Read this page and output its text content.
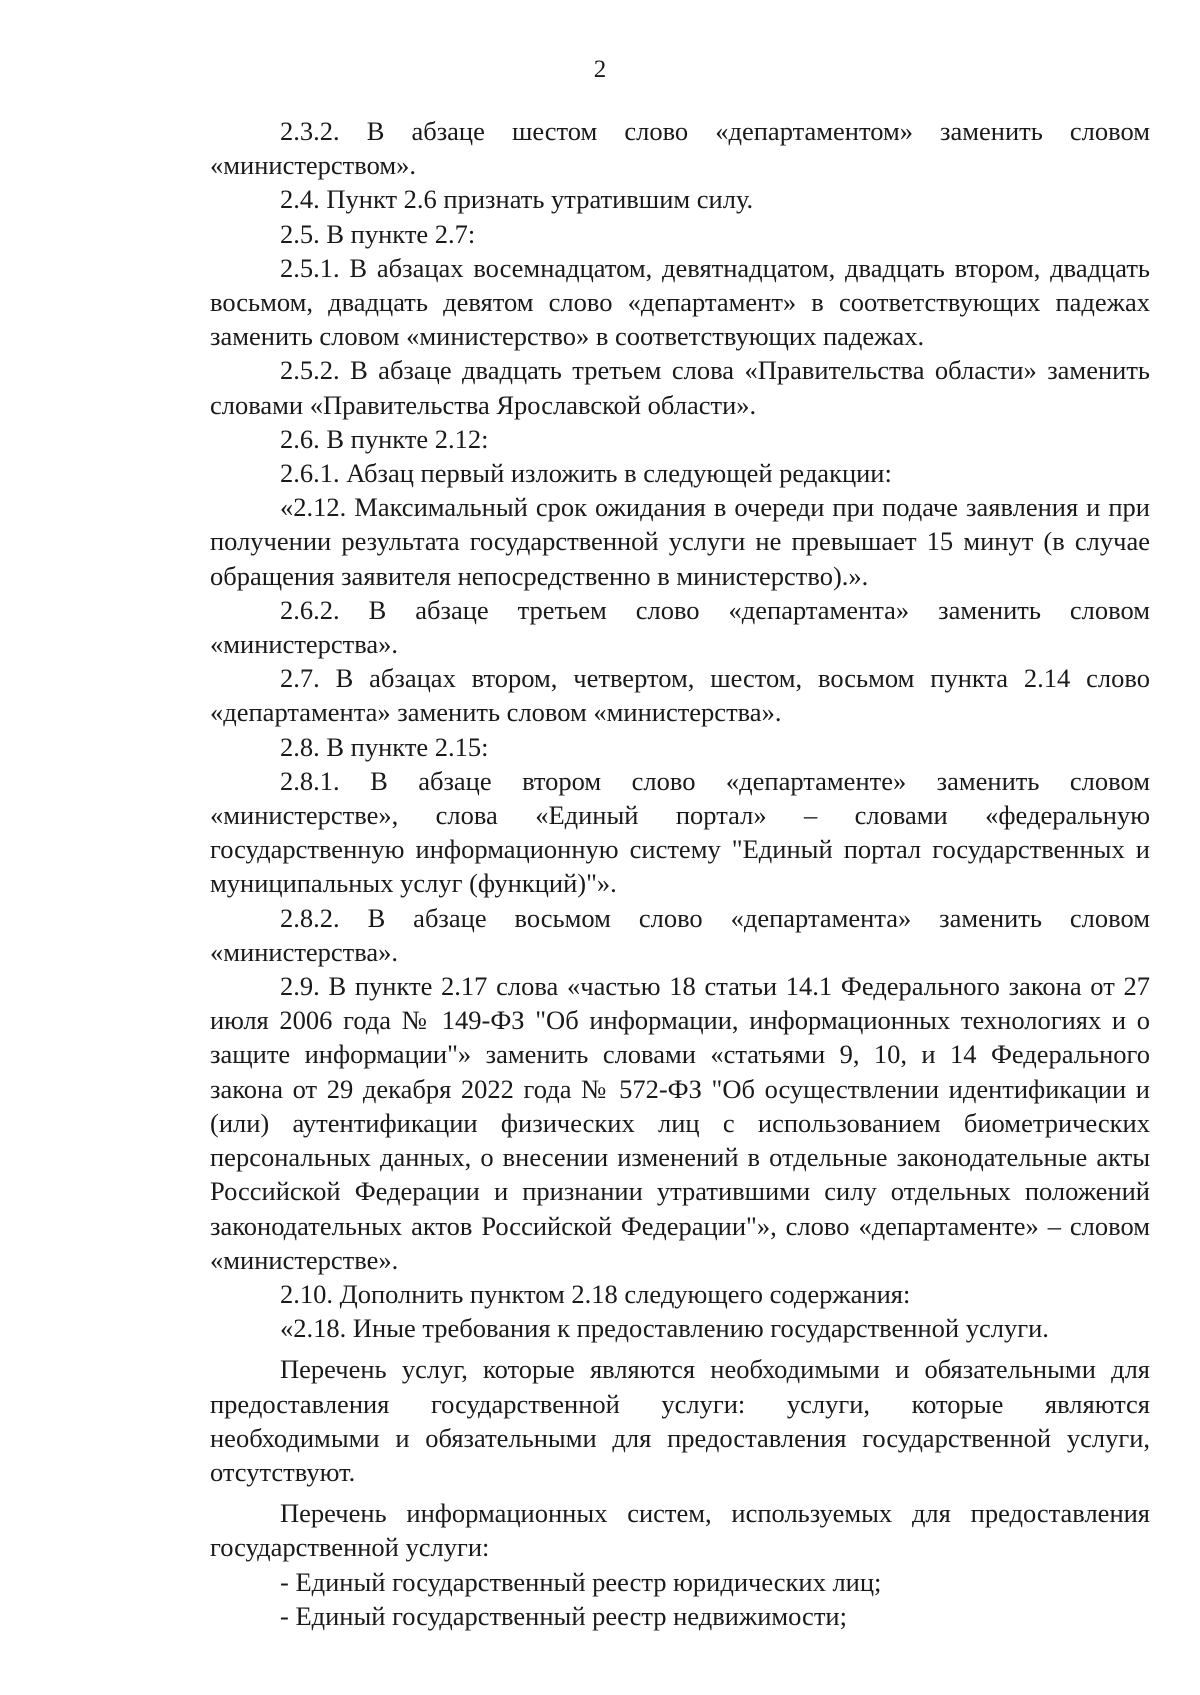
2

2.3.2. В абзаце шестом слово «департаментом» заменить словом «министерством».

2.4. Пункт 2.6 признать утратившим силу.

2.5. В пункте 2.7:

2.5.1. В абзацах восемнадцатом, девятнадцатом, двадцать втором, двадцать восьмом, двадцать девятом слово «департамент» в соответствующих падежах заменить словом «министерство» в соответствующих падежах.

2.5.2. В абзаце двадцать третьем слова «Правительства области» заменить словами «Правительства Ярославской области».

2.6. В пункте 2.12:

2.6.1. Абзац первый изложить в следующей редакции:

«2.12. Максимальный срок ожидания в очереди при подаче заявления и при получении результата государственной услуги не превышает 15 минут (в случае обращения заявителя непосредственно в министерство).».

2.6.2. В абзаце третьем слово «департамента» заменить словом «министерства».

2.7. В абзацах втором, четвертом, шестом, восьмом пункта 2.14 слово «департамента» заменить словом «министерства».

2.8. В пункте 2.15:

2.8.1. В абзаце втором слово «департаменте» заменить словом «министерстве», слова «Единый портал» – словами «федеральную государственную информационную систему "Единый портал государственных и муниципальных услуг (функций)"».

2.8.2. В абзаце восьмом слово «департамента» заменить словом «министерства».

2.9. В пункте 2.17 слова «частью 18 статьи 14.1 Федерального закона от 27 июля 2006 года № 149-ФЗ "Об информации, информационных технологиях и о защите информации"» заменить словами «статьями 9, 10, и 14 Федерального закона от 29 декабря 2022 года № 572-ФЗ "Об осуществлении идентификации и (или) аутентификации физических лиц с использованием биометрических персональных данных, о внесении изменений в отдельные законодательные акты Российской Федерации и признании утратившими силу отдельных положений законодательных актов Российской Федерации"», слово «департаменте» – словом «министерстве».

2.10. Дополнить пунктом 2.18 следующего содержания:

«2.18. Иные требования к предоставлению государственной услуги.

Перечень услуг, которые являются необходимыми и обязательными для предоставления государственной услуги: услуги, которые являются необходимыми и обязательными для предоставления государственной услуги, отсутствуют.

Перечень информационных систем, используемых для предоставления государственной услуги:

- Единый государственный реестр юридических лиц;

- Единый государственный реестр недвижимости;
